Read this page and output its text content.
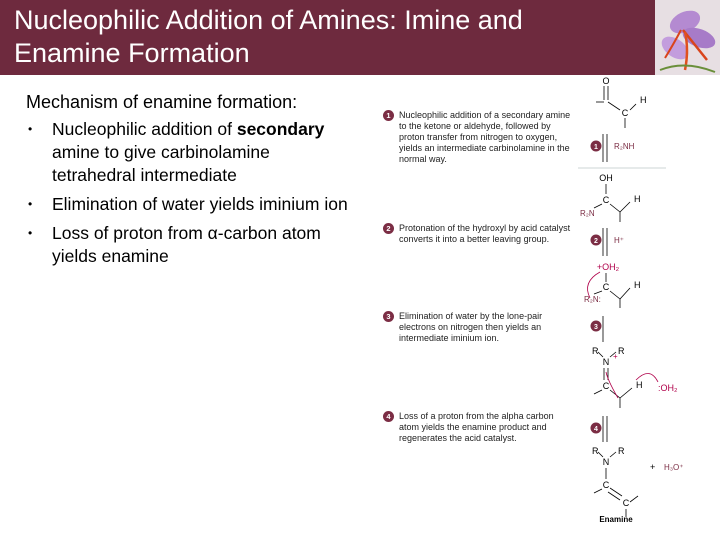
Nucleophilic Addition of Amines: Imine and
Enamine Formation
Mechanism of enamine formation:
• Nucleophilic addition of secondary
amine to give carbinolamine
tetrahedral intermediate
• Elimination of water yields iminium ion
• Loss of proton from α-carbon atom
yields enamine
1 Nucleophilic addition of a secondary amine to the ketone or aldehyde, followed by proton transfer from nitrogen to oxygen, yields an intermediate carbinolamine in the normal way.
2 Protonation of the hydroxyl by acid catalyst converts it into a better leaving group.
3 Elimination of water by the lone-pair electrons on nitrogen then yields an intermediate iminium ion.
4 Loss of a proton from the alpha carbon atom yields the enamine product and regenerates the acid catalyst.
O
C
H
1 R₂NH
OH
C
R₂N
H
2 H⁺
+OH₂
C
R₂N:
H
3
R
N
+
R
C	H :OH₂
4
R
N
R
C
C
+ H₃O⁺
Enamine
